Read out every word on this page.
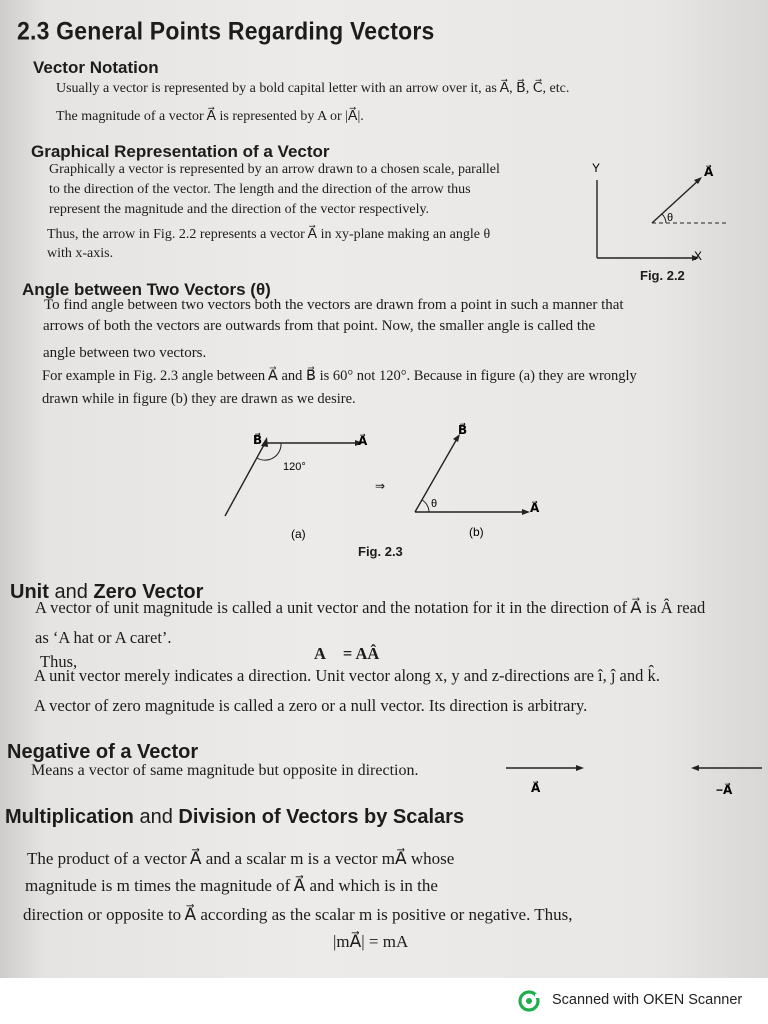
2.3 General Points Regarding Vectors
Vector Notation
Usually a vector is represented by a bold capital letter with an arrow over it, as A⃗, B⃗, C⃗, etc.
The magnitude of a vector A⃗ is represented by A or |A⃗|.
Graphical Representation of a Vector
Graphically a vector is represented by an arrow drawn to a chosen scale, parallel
to the direction of the vector. The length and the direction of the arrow thus
represent the magnitude and the direction of the vector respectively.
Thus, the arrow in Fig. 2.2 represents a vector A⃗ in xy-plane making an angle θ
with x-axis.
Y
X
A⃗
θ
Fig. 2.2
Angle between Two Vectors (θ)
To find angle between two vectors both the vectors are drawn from a point in such a manner that
arrows of both the vectors are outwards from that point. Now, the smaller angle is called the
angle between two vectors.
For example in Fig. 2.3 angle between A⃗ and B⃗ is 60° not 120°. Because in figure (a) they are wrongly
drawn while in figure (b) they are drawn as we desire.
B⃗	A⃗
120°
(a)
⇒
B⃗
A⃗
θ
(b)
Fig. 2.3
Unit and Zero Vector
A vector of unit magnitude is called a unit vector and the notation for it in the direction of A⃗ is Â read
as ‘A hat or A caret’.
Thus,	A⃗ = AÂ
A unit vector merely indicates a direction. Unit vector along x, y and z-directions are î, ĵ and k̂.
A vector of zero magnitude is called a zero or a null vector. Its direction is arbitrary.
Negative of a Vector
Means a vector of same magnitude but opposite in direction.
A⃗	−A⃗
Multiplication and Division of Vectors by Scalars
The product of a vector A⃗ and a scalar m is a vector mA⃗ whose
magnitude is m times the magnitude of A⃗ and which is in the
direction or opposite to A⃗ according as the scalar m is positive or negative. Thus,
|mA⃗| = mA
Scanned with OKEN Scanner
